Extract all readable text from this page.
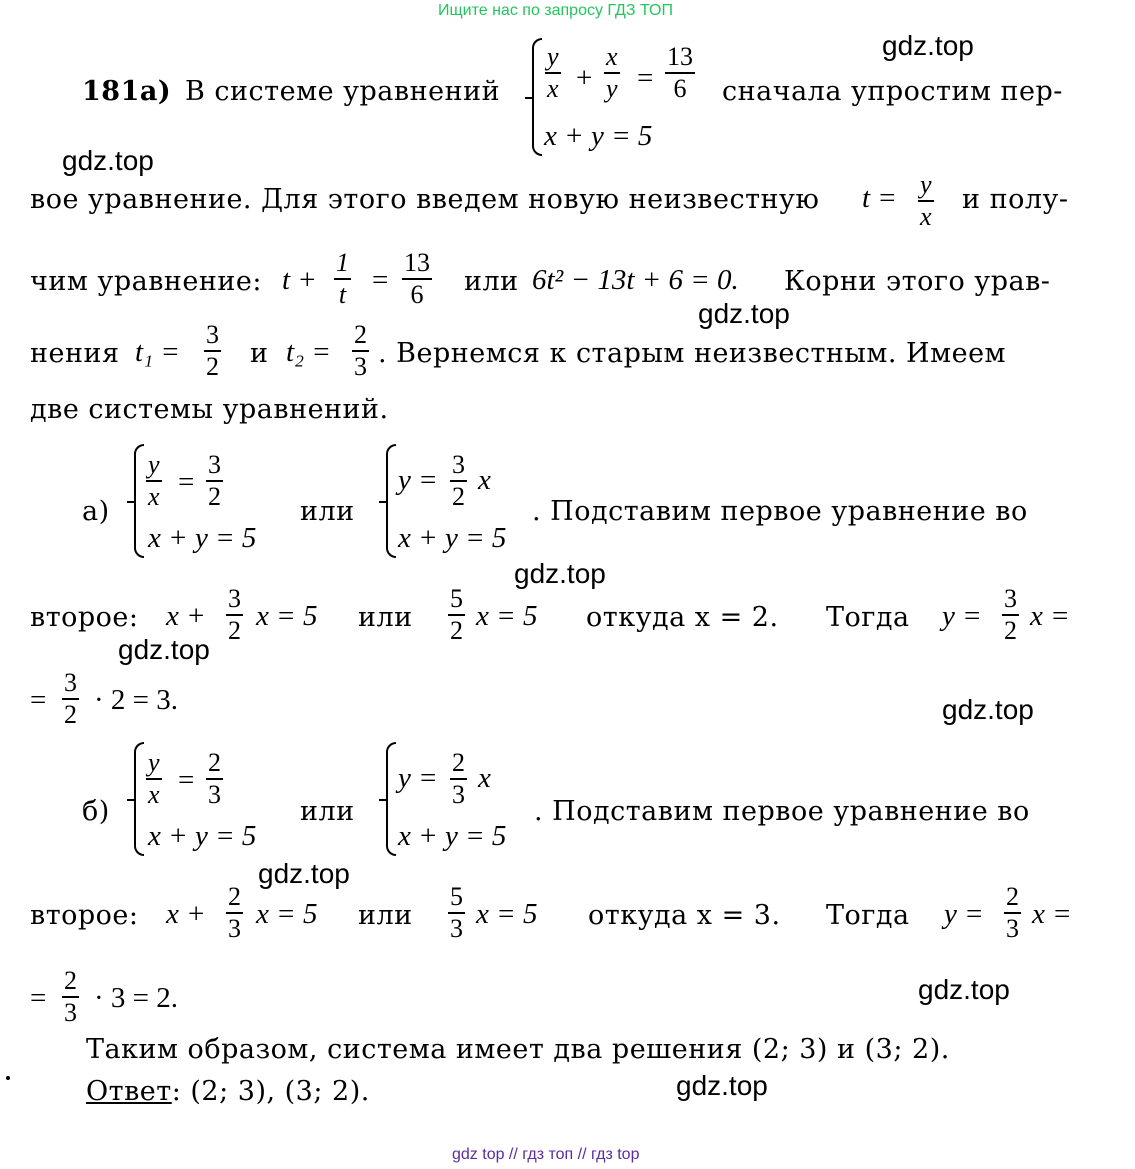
Ищите нас по запросу ГДЗ ТОП
gdz.top
gdz.top
gdz.top
gdz.top
gdz.top
gdz.top
gdz.top
gdz.top
gdz.top
181а) В системе уравнений $\frac{y}{x} + \frac{x}{y} = \frac{13}{6}$
x + y = 5
сначала упростим пер-
вое уравнение. Для этого введем новую неизвестную $t = \frac{y}{x}$ и полу-
чим уравнение: $t + \frac{1}{t} = \frac{13}{6}$ или 6t² − 13t + 6 = 0. Корни этого урав-
нения $t_1 = \frac{3}{2}$ и $t_2 = \frac{2}{3}$ . Вернемся к старым неизвестным. Имеем
две системы уравнений.
а)
$\frac{y}{x} = \frac{3}{2}$
x + y = 5
или
$y = \frac{3}{2}$ x
x + y = 5
. Подставим первое уравнение во
второе: $x + \frac{3}{2}$ x = 5 или $\frac{5}{2}$ x = 5 откуда x = 2. Тогда $y = \frac{3}{2}$ x =
= $\frac{3}{2} \cdot 2 = 3$.
б)
$\frac{y}{x} = \frac{2}{3}$
x + y = 5
или
$y = \frac{2}{3}$ x
x + y = 5
. Подставим первое уравнение во
второе: $x + \frac{2}{3}$ x = 5 или $\frac{5}{3}$ x = 5 откуда x = 3. Тогда $y = \frac{2}{3}$ x =
= $\frac{2}{3} \cdot 3 = 2$.
Таким образом, система имеет два решения (2; 3) и (3; 2).
Ответ: (2; 3), (3; 2).
gdz top // гдз топ // гдз top
